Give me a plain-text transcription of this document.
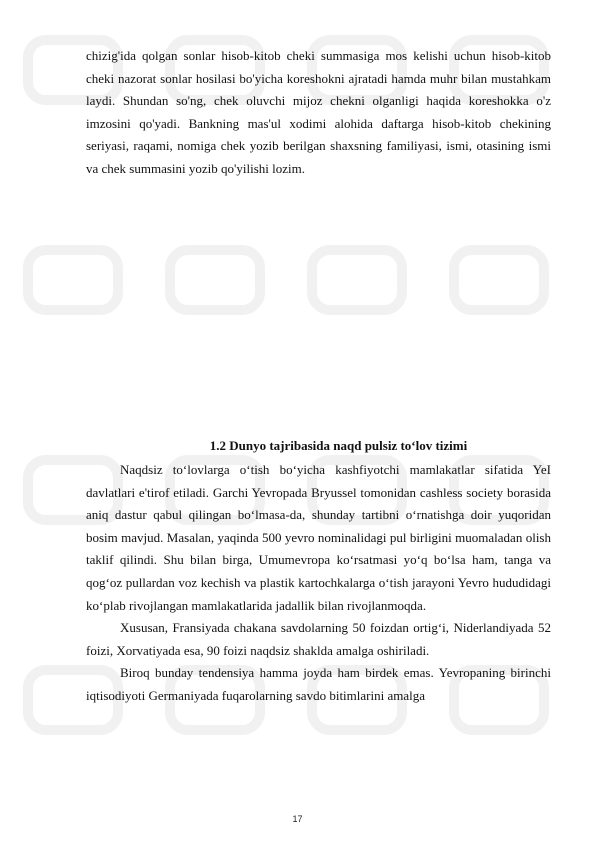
chizig'ida qolgan sonlar hisob-kitob cheki summasiga mos kelishi uchun hisob-kitob cheki nazorat sonlar hosilasi bo'yicha koreshokni ajratadi hamda muhr bilan mustahkam laydi. Shundan so'ng, chek oluvchi mijoz chekni olganligi haqida koreshokka o'z imzosini qo'yadi. Bankning mas'ul xodimi alohida daftarga hisob-kitob chekining seriyasi, raqami, nomiga chek yozib berilgan shaxsning familiyasi, ismi, otasining ismi va chek summasini yozib qo'yilishi lozim.

1.2 Dunyo tajribasida naqd pulsiz to‘lov tizimi

Naqdsiz to‘lovlarga o‘tish bo‘yicha kashfiyotchi mamlakatlar sifatida YeI davlatlari e'tirof etiladi. Garchi Yevropada Bryussel tomonidan cashless society borasida aniq dastur qabul qilingan bo‘lmasa-da, shunday tartibni o‘rnatishga doir yuqoridan bosim mavjud. Masalan, yaqinda 500 yevro nominalidagi pul birligini muomaladan olish taklif qilindi. Shu bilan birga, Umumevropa ko‘rsatmasi yo‘q bo‘lsa ham, tanga va qog‘oz pullardan voz kechish va plastik kartochkalarga o‘tish jarayoni Yevro hududidagi ko‘plab rivojlangan mamlakatlarida jadallik bilan rivojlanmoqda.

Xususan, Fransiyada chakana savdolarning 50 foizdan ortig‘i, Niderlandiyada 52 foizi, Xorvatiyada esa, 90 foizi naqdsiz shaklda amalga oshiriladi.

Biroq bunday tendensiya hamma joyda ham birdek emas. Yevropaning birinchi iqtisodiyoti Germaniyada fuqarolarning savdo bitimlarini amalga

17
